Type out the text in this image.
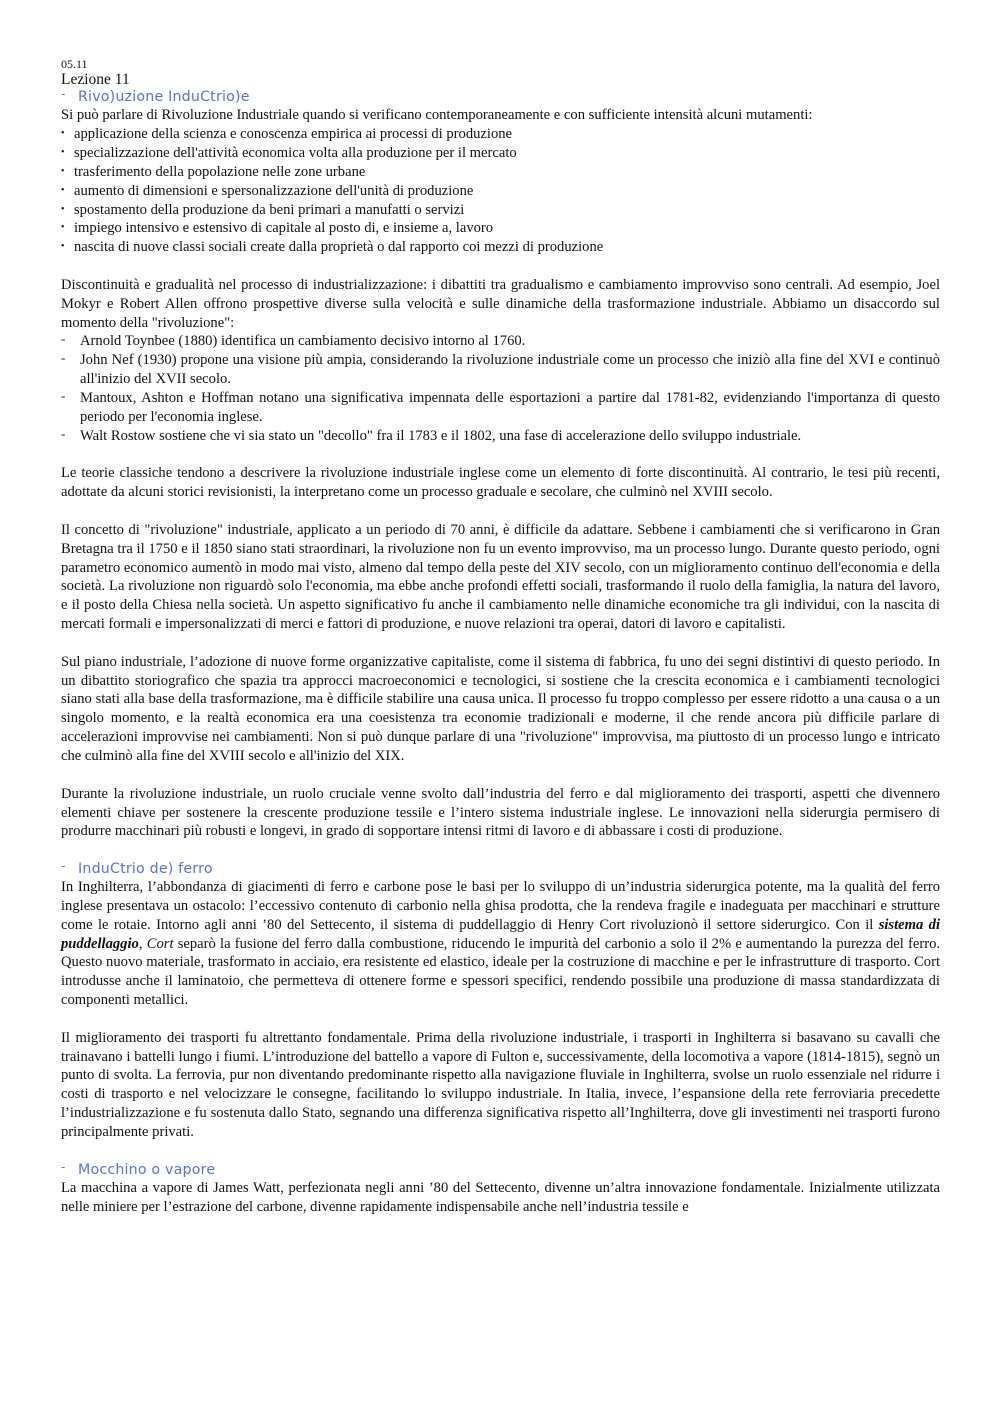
05.11
Lezione 11
- Rivo)uzione InduCtrio)e

Si può parlare di Rivoluzione Industriale quando si verificano contemporaneamente e con sufficiente intensità alcuni mutamenti:

• applicazione della scienza e conoscenza empirica ai processi di produzione
• specializzazione dell'attività economica volta alla produzione per il mercato
• trasferimento della popolazione nelle zone urbane
• aumento di dimensioni e spersonalizzazione dell'unità di produzione
• spostamento della produzione da beni primari a manufatti o servizi
• impiego intensivo e estensivo di capitale al posto di, e insieme a, lavoro
• nascita di nuove classi sociali create dalla proprietà o dal rapporto coi mezzi di produzione

Discontinuità e gradualità nel processo di industrializzazione: i dibattiti tra gradualismo e cambiamento improvviso sono centrali. Ad esempio, Joel Mokyr e Robert Allen offrono prospettive diverse sulla velocità e sulle dinamiche della trasformazione industriale. Abbiamo un disaccordo sul momento della "rivoluzione":

- Arnold Toynbee (1880) identifica un cambiamento decisivo intorno al 1760.
- John Nef (1930) propone una visione più ampia, considerando la rivoluzione industriale come un processo che iniziò alla fine del XVI e continuò all'inizio del XVII secolo.
- Mantoux, Ashton e Hoffman notano una significativa impennata delle esportazioni a partire dal 1781-82, evidenziando l'importanza di questo periodo per l'economia inglese.
- Walt Rostow sostiene che vi sia stato un "decollo" fra il 1783 e il 1802, una fase di accelerazione dello sviluppo industriale.

Le teorie classiche tendono a descrivere la rivoluzione industriale inglese come un elemento di forte discontinuità. Al contrario, le tesi più recenti, adottate da alcuni storici revisionisti, la interpretano come un processo graduale e secolare, che culminò nel XVIII secolo.

Il concetto di "rivoluzione" industriale, applicato a un periodo di 70 anni, è difficile da adattare. Sebbene i cambiamenti che si verificarono in Gran Bretagna tra il 1750 e il 1850 siano stati straordinari, la rivoluzione non fu un evento improvviso, ma un processo lungo. Durante questo periodo, ogni parametro economico aumentò in modo mai visto, almeno dal tempo della peste del XIV secolo, con un miglioramento continuo dell'economia e della società. La rivoluzione non riguardò solo l'economia, ma ebbe anche profondi effetti sociali, trasformando il ruolo della famiglia, la natura del lavoro, e il posto della Chiesa nella società. Un aspetto significativo fu anche il cambiamento nelle dinamiche economiche tra gli individui, con la nascita di mercati formali e impersonalizzati di merci e fattori di produzione, e nuove relazioni tra operai, datori di lavoro e capitalisti.

Sul piano industriale, l’adozione di nuove forme organizzative capitaliste, come il sistema di fabbrica, fu uno dei segni distintivi di questo periodo. In un dibattito storiografico che spazia tra approcci macroeconomici e tecnologici, si sostiene che la crescita economica e i cambiamenti tecnologici siano stati alla base della trasformazione, ma è difficile stabilire una causa unica. Il processo fu troppo complesso per essere ridotto a una causa o a un singolo momento, e la realtà economica era una coesistenza tra economie tradizionali e moderne, il che rende ancora più difficile parlare di accelerazioni improvvise nei cambiamenti. Non si può dunque parlare di una "rivoluzione" improvvisa, ma piuttosto di un processo lungo e intricato che culminò alla fine del XVIII secolo e all'inizio del XIX.

Durante la rivoluzione industriale, un ruolo cruciale venne svolto dall’industria del ferro e dal miglioramento dei trasporti, aspetti che divennero elementi chiave per sostenere la crescente produzione tessile e l’intero sistema industriale inglese. Le innovazioni nella siderurgia permisero di produrre macchinari più robusti e longevi, in grado di sopportare intensi ritmi di lavoro e di abbassare i costi di produzione.

- InduCtrio de) ferro

In Inghilterra, l’abbondanza di giacimenti di ferro e carbone pose le basi per lo sviluppo di un’industria siderurgica potente, ma la qualità del ferro inglese presentava un ostacolo: l’eccessivo contenuto di carbonio nella ghisa prodotta, che la rendeva fragile e inadeguata per macchinari e strutture come le rotaie. Intorno agli anni ’80 del Settecento, il sistema di puddellaggio di Henry Cort rivoluzionò il settore siderurgico. Con il sistema di puddellaggio, Cort separò la fusione del ferro dalla combustione, riducendo le impurità del carbonio a solo il 2% e aumentando la purezza del ferro. Questo nuovo materiale, trasformato in acciaio, era resistente ed elastico, ideale per la costruzione di macchine e per le infrastrutture di trasporto. Cort introdusse anche il laminatoio, che permetteva di ottenere forme e spessori specifici, rendendo possibile una produzione di massa standardizzata di componenti metallici.

Il miglioramento dei trasporti fu altrettanto fondamentale. Prima della rivoluzione industriale, i trasporti in Inghilterra si basavano su cavalli che trainavano i battelli lungo i fiumi. L’introduzione del battello a vapore di Fulton e, successivamente, della locomotiva a vapore (1814-1815), segnò un punto di svolta. La ferrovia, pur non diventando predominante rispetto alla navigazione fluviale in Inghilterra, svolse un ruolo essenziale nel ridurre i costi di trasporto e nel velocizzare le consegne, facilitando lo sviluppo industriale. In Italia, invece, l’espansione della rete ferroviaria precedette l’industrializzazione e fu sostenuta dallo Stato, segnando una differenza significativa rispetto all’Inghilterra, dove gli investimenti nei trasporti furono principalmente privati.

- Mocchino o vapore

La macchina a vapore di James Watt, perfezionata negli anni ’80 del Settecento, divenne un’altra innovazione fondamentale. Inizialmente utilizzata nelle miniere per l’estrazione del carbone, divenne rapidamente indispensabile anche nell’industria tessile e
